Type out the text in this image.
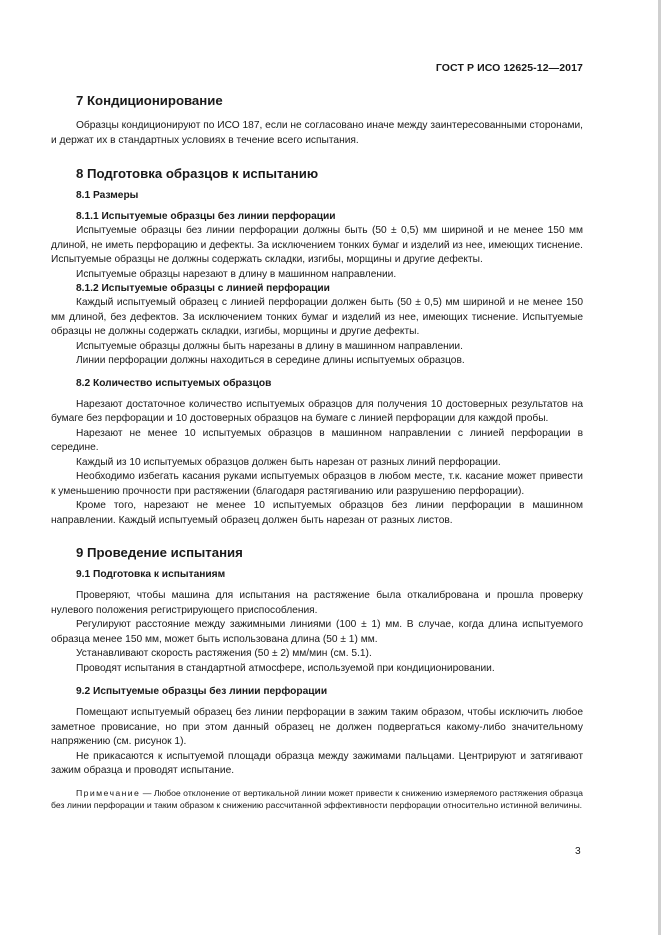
ГОСТ Р ИСО 12625-12—2017
7 Кондиционирование

Образцы кондиционируют по ИСО 187, если не согласовано иначе между заинтересованными сторонами, и держат их в стандартных условиях в течение всего испытания.

8 Подготовка образцов к испытанию
8.1 Размеры
8.1.1 Испытуемые образцы без линии перфорации

Испытуемые образцы без линии перфорации должны быть (50 ± 0,5) мм шириной и не менее 150 мм длиной, не иметь перфорацию и дефекты. За исключением тонких бумаг и изделий из нее, имеющих тиснение. Испытуемые образцы не должны содержать складки, изгибы, морщины и другие дефекты.

Испытуемые образцы нарезают в длину в машинном направлении.

8.1.2 Испытуемые образцы с линией перфорации

Каждый испытуемый образец с линией перфорации должен быть (50 ± 0,5) мм шириной и не менее 150 мм длиной, без дефектов. За исключением тонких бумаг и изделий из нее, имеющих тиснение. Испытуемые образцы не должны содержать складки, изгибы, морщины и другие дефекты.

Испытуемые образцы должны быть нарезаны в длину в машинном направлении.

Линии перфорации должны находиться в середине длины испытуемых образцов.

8.2 Количество испытуемых образцов

Нарезают достаточное количество испытуемых образцов для получения 10 достоверных результатов на бумаге без перфорации и 10 достоверных образцов на бумаге с линией перфорации для каждой пробы.

Нарезают не менее 10 испытуемых образцов в машинном направлении с линией перфорации в середине.

Каждый из 10 испытуемых образцов должен быть нарезан от разных линий перфорации.

Необходимо избегать касания руками испытуемых образцов в любом месте, т.к. касание может привести к уменьшению прочности при растяжении (благодаря растягиванию или разрушению перфорации).

Кроме того, нарезают не менее 10 испытуемых образцов без линии перфорации в машинном направлении. Каждый испытуемый образец должен быть нарезан от разных листов.

9 Проведение испытания
9.1 Подготовка к испытаниям

Проверяют, чтобы машина для испытания на растяжение была откалибрована и прошла проверку нулевого положения регистрирующего приспособления.

Регулируют расстояние между зажимными линиями (100 ± 1) мм. В случае, когда длина испытуемого образца менее 150 мм, может быть использована длина (50 ± 1) мм.

Устанавливают скорость растяжения (50 ± 2) мм/мин (см. 5.1).

Проводят испытания в стандартной атмосфере, используемой при кондиционировании.

9.2 Испытуемые образцы без линии перфорации

Помещают испытуемый образец без линии перфорации в зажим таким образом, чтобы исключить любое заметное провисание, но при этом данный образец не должен подвергаться какому-либо значительному напряжению (см. рисунок 1).

Не прикасаются к испытуемой площади образца между зажимами пальцами. Центрируют и затягивают зажим образца и проводят испытание.

Примечание — Любое отклонение от вертикальной линии может привести к снижению измеряемого растяжения образца без линии перфорации и таким образом к снижению рассчитанной эффективности перфорации относительно истинной величины.

3
